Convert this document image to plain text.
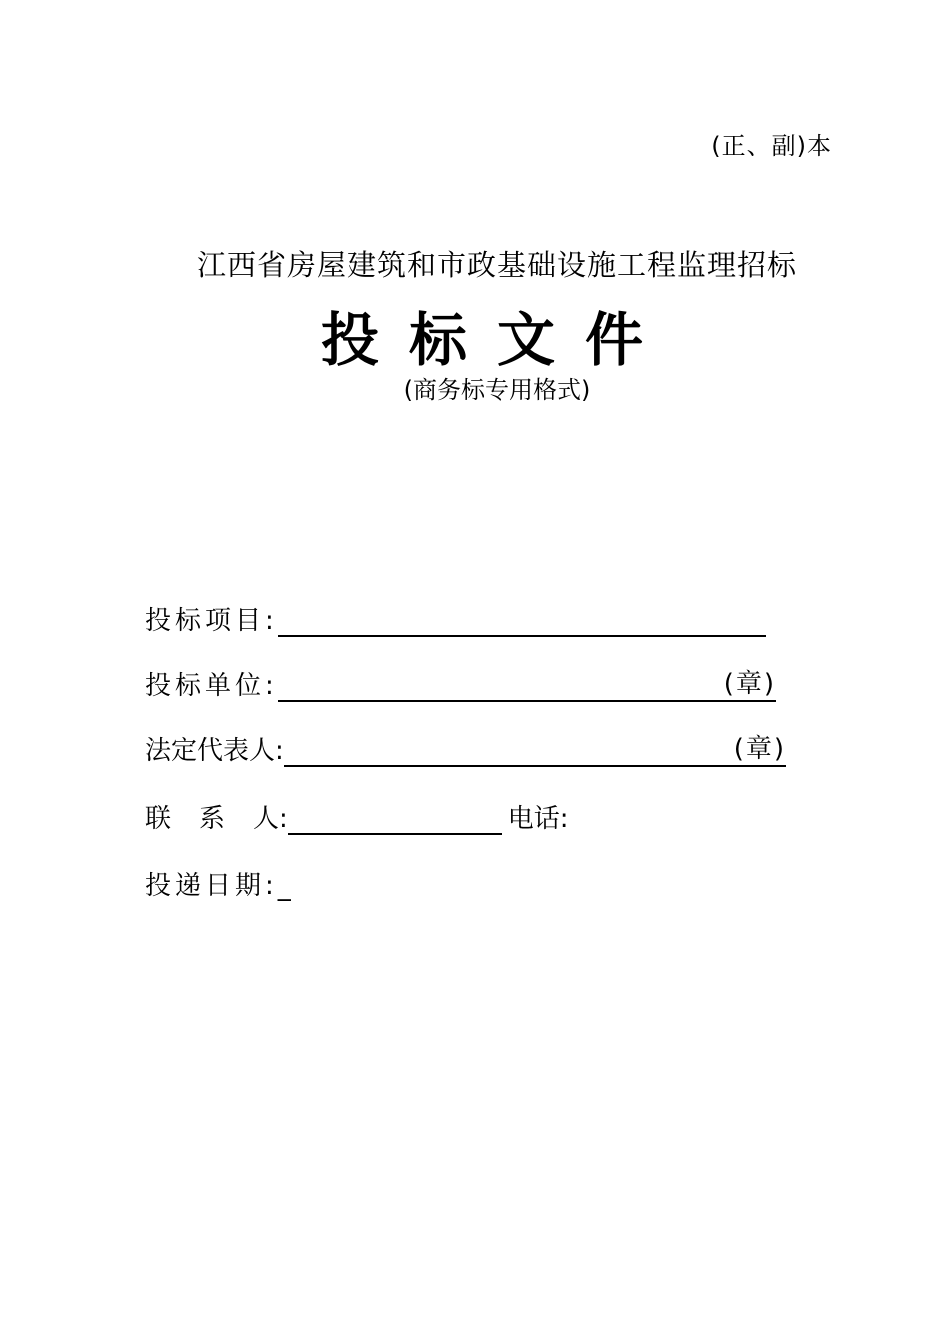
(正、副)本
江西省房屋建筑和市政基础设施工程监理招标
投标文件
(商务标专用格式)
投标项目:
投标单位:	(章)
法定代表人:	(章)
联 系 人:	电话:
投递日期: _
